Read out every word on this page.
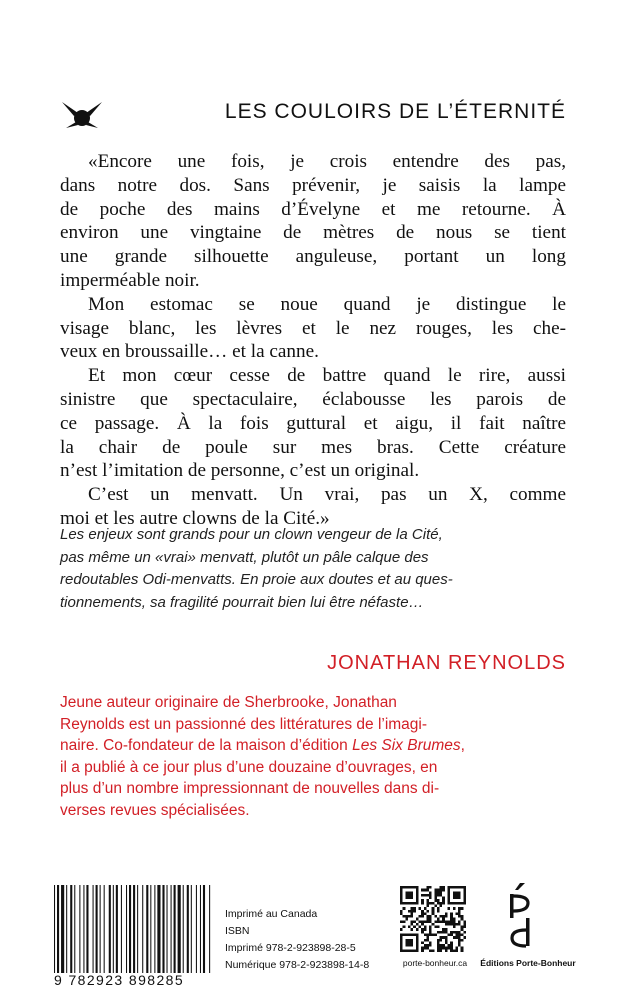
LES COULOIRS DE L’ÉTERNITÉ

«Encore une fois, je crois entendre des pas,
dans notre dos. Sans prévenir, je saisis la lampe
de poche des mains d’Évelyne et me retourne. À
environ une vingtaine de mètres de nous se tient
une grande silhouette anguleuse, portant un long
imperméable noir.

Mon estomac se noue quand je distingue le
visage blanc, les lèvres et le nez rouges, les che-
veux en broussaille… et la canne.

Et mon cœur cesse de battre quand le rire, aussi
sinistre que spectaculaire, éclabousse les parois de
ce passage. À la fois guttural et aigu, il fait naître
la chair de poule sur mes bras. Cette créature
n’est l’imitation de personne, c’est un original.

C’est un menvatt. Un vrai, pas un X, comme
moi et les autre clowns de la Cité.»

Les enjeux sont grands pour un clown vengeur de la Cité,
pas même un «vrai» menvatt, plutôt un pâle calque des
redoutables Odi-menvatts. En proie aux doutes et au ques-
tionnements, sa fragilité pourrait bien lui être néfaste…
JONATHAN REYNOLDS
Jeune auteur originaire de Sherbrooke, Jonathan
Reynolds est un passionné des littératures de l’imagi-
naire. Co-fondateur de la maison d’édition Les Six Brumes,
il a publié à ce jour plus d’une douzaine d’ouvrages, en
plus d’un nombre impressionnant de nouvelles dans di-
verses revues spécialisées.
9 782923 898285
Imprimé au Canada
ISBN
Imprimé 978-2-923898-28-5
Numérique 978-2-923898-14-8	porte-bonheur.ca	Éditions Porte-Bonheur
